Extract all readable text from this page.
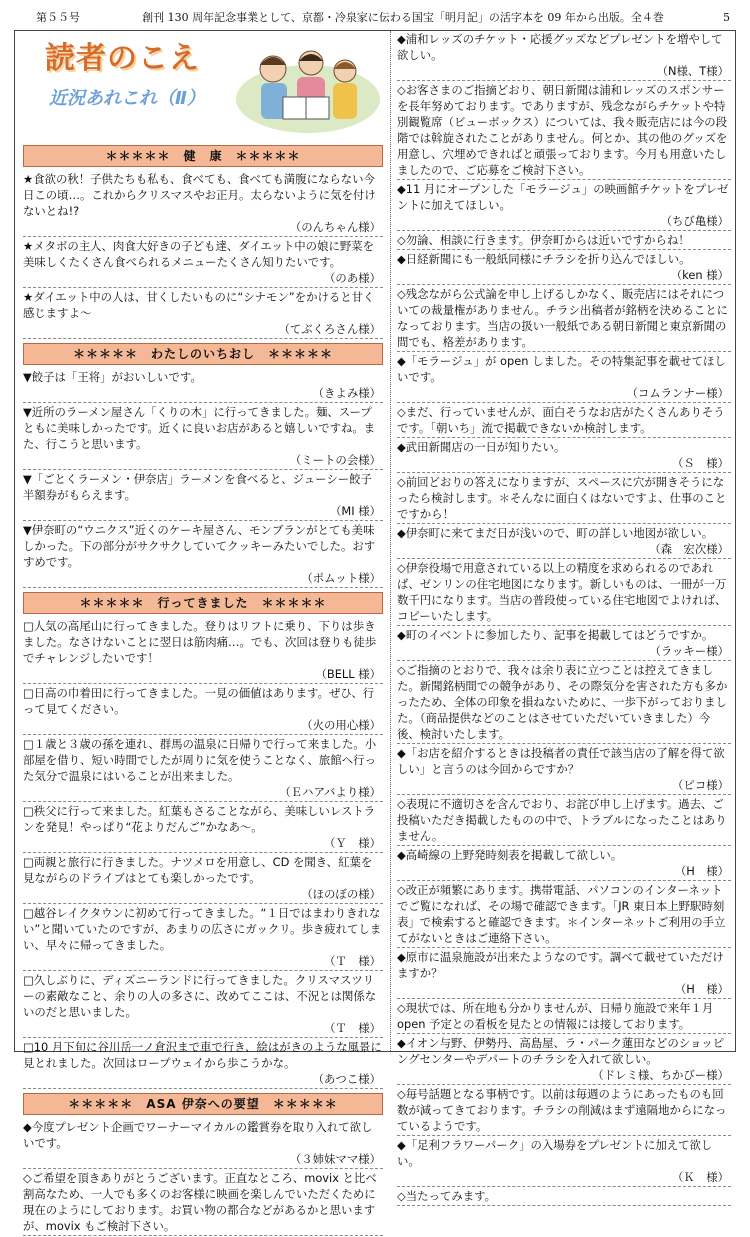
第５５号	創刊 130 周年記念事業として、京都・冷泉家に伝わる国宝「明月記」の活字本を 09 年から出版。全４巻	5
読者のこえ
近況あれこれ（Ⅱ）
＊＊＊＊＊　健　康　＊＊＊＊＊
★食欲の秋！子供たちも私も、食べても、食べても満腹にならない今日この頃…。これからクリスマスやお正月。太らないように気を付けないとね!?
（のんちゃん様）
★メタボの主人、肉食大好きの子ども達、ダイエット中の娘に野菜を美味しくたくさん食べられるメニューたくさん知りたいです。
（のあ様）
★ダイエット中の人は、甘くしたいものに“シナモン”をかけると甘く感じますよ～
（てぶくろさん様）
＊＊＊＊＊　わたしのいちおし　＊＊＊＊＊
▼餃子は「王将」がおいしいです。
（きよみ様）
▼近所のラーメン屋さん「くりの木」に行ってきました。麺、スープともに美味しかったです。近くに良いお店があると嬉しいですね。また、行こうと思います。
（ミートの会様）
▼「ごとくラーメン・伊奈店」ラーメンを食べると、ジューシー餃子半額券がもらえます。
（MI 様）
▼伊奈町の“ウニクス”近くのケーキ屋さん、モンブランがとても美味しかった。下の部分がサクサクしていてクッキーみたいでした。おすすめです。
（ポムット様）
＊＊＊＊＊　行ってきました　＊＊＊＊＊
□人気の高尾山に行ってきました。登りはリフトに乗り、下りは歩きました。なさけないことに翌日は筋肉痛…。でも、次回は登りも徒歩でチャレンジしたいです！
（BELL 様）
□日高の巾着田に行ってきました。一見の価値はあります。ぜひ、行って見てください。
（火の用心様）
□１歳と３歳の孫を連れ、群馬の温泉に日帰りで行って来ました。小部屋を借り、短い時間でしたが周りに気を使うことなく、旅館へ行った気分で温泉にはいることが出来ました。
（Ｅハアバより様）
□秩父に行って来ました。紅葉もさることながら、美味しいレストランを発見！やっぱり“花よりだんご”かなあ～。
（Ｙ　様）
□両親と旅行に行きました。ナツメロを用意し、CD を聞き、紅葉を見ながらのドライブはとても楽しかったです。
（ほのぼの様）
□越谷レイクタウンに初めて行ってきました。“１日ではまわりきれない”と聞いていたのですが、あまりの広さにガックリ。歩き疲れてしまい、早々に帰ってきました。
（Ｔ　様）
□久しぶりに、ディズニーランドに行ってきました。クリスマスツリーの素敵なこと、余りの人の多さに、改めてここは、不況とは関係ないのだと思いました。
（Ｔ　様）
□10 月下旬に谷川岳一ノ倉沢まで車で行き、絵はがきのような風景に見とれました。次回はロープウェイから歩こうかな。
（あつこ様）
＊＊＊＊＊　ASA 伊奈への要望　＊＊＊＊＊
◆今度プレゼント企画でワーナーマイカルの鑑賞券を取り入れて欲しいです。
（３姉妹ママ様）
◇ご希望を頂きありがとうございます。正直なところ、movix と比べ割高なため、一人でも多くのお客様に映画を楽しんでいただくために現在のようにしております。お買い物の都合などがあるかと思いますが、movix もご検討下さい。
◆浦和レッズのチケット・応援グッズなどプレゼントを増やして欲しい。
（N様、T様）
◇お客さまのご指摘どおり、朝日新聞は浦和レッズのスポンサーを長年努めております。でありますが、残念ながらチケットや特別観覧席（ビューボックス）については、我々販売店には今の段階では斡旋されたことがありません。何とか、其の他のグッズを用意し、穴埋めできればと頑張っております。今月も用意いたしましたので、ご応募をご検討下さい。
◆11 月にオープンした「モラージュ」の映画館チケットをプレゼントに加えてほしい。
（ちび亀様）
◇勿論、相談に行きます。伊奈町からは近いですからね！
◆日経新聞にも一般紙同様にチラシを折り込んでほしい。
（ken 様）
◇残念ながら公式論を申し上げるしかなく、販売店にはそれについての裁量権がありません。チラシ出稿者が銘柄を決めることになっております。当店の扱い一般紙である朝日新聞と東京新聞の間でも、格差があります。
◆「モラージュ」が open しました。その特集記事を載せてほしいです。
（コムランナー様）
◇まだ、行っていませんが、面白そうなお店がたくさんありそうです。「朝いち」流で掲載できないか検討します。
◆武田新聞店の一日が知りたい。
（Ｓ　様）
◇前回どおりの答えになりますが、スペースに穴が開きそうになったら検討します。＊そんなに面白くはないですよ、仕事のことですから！
◆伊奈町に来てまだ日が浅いので、町の詳しい地図が欲しい。
（森　宏次様）
◇伊奈役場で用意されている以上の精度を求められるのであれば、ゼンリンの住宅地図になります。新しいものは、一冊が一万数千円になります。当店の普段使っている住宅地図でよければ、コピーいたします。
◆町のイベントに参加したり、記事を掲載してはどうですか。
（ラッキー様）
◇ご指摘のとおりで、我々は余り表に立つことは控えてきました。新聞銘柄間での競争があり、その際気分を害された方も多かったため、全体の印象を損ねないために、一歩下がっておりました。（商品提供などのことはさせていただいていきました）今後、検討いたします。
◆「お店を紹介するときは投稿者の責任で該当店の了解を得て欲しい」と言うのは今回からですか？
（ピコ様）
◇表現に不適切さを含んでおり、お詫び申し上げます。過去、ご投稿いただき掲載したものの中で、トラブルになったことはありません。
◆高崎線の上野発時刻表を掲載して欲しい。
（H　様）
◇改正が頻繁にあります。携帯電話、パソコンのインターネットでご覧になれば、その場で確認できます。「JR 東日本上野駅時刻表」で検索すると確認できます。＊インターネットご利用の手立てがないときはご連絡下さい。
◆原市に温泉施設が出来たようなのです。調べて載せていただけますか？
（H　様）
◇現状では、所在地も分かりませんが、日帰り施設で来年１月 open 予定との看板を見たとの情報には接しております。
◆イオン与野、伊勢丹、高島屋、ラ・パーク蓮田などのショッピングセンターやデパートのチラシを入れて欲しい。
（ドレミ様、ちかびー様）
◇毎号話題となる事柄です。以前は毎週のようにあったものも回数が減ってきております。チラシの削減はまず遠隔地からになっているようです。
◆「足利フラワーパーク」の入場券をプレゼントに加えて欲しい。
（Ｋ　様）
◇当たってみます。
